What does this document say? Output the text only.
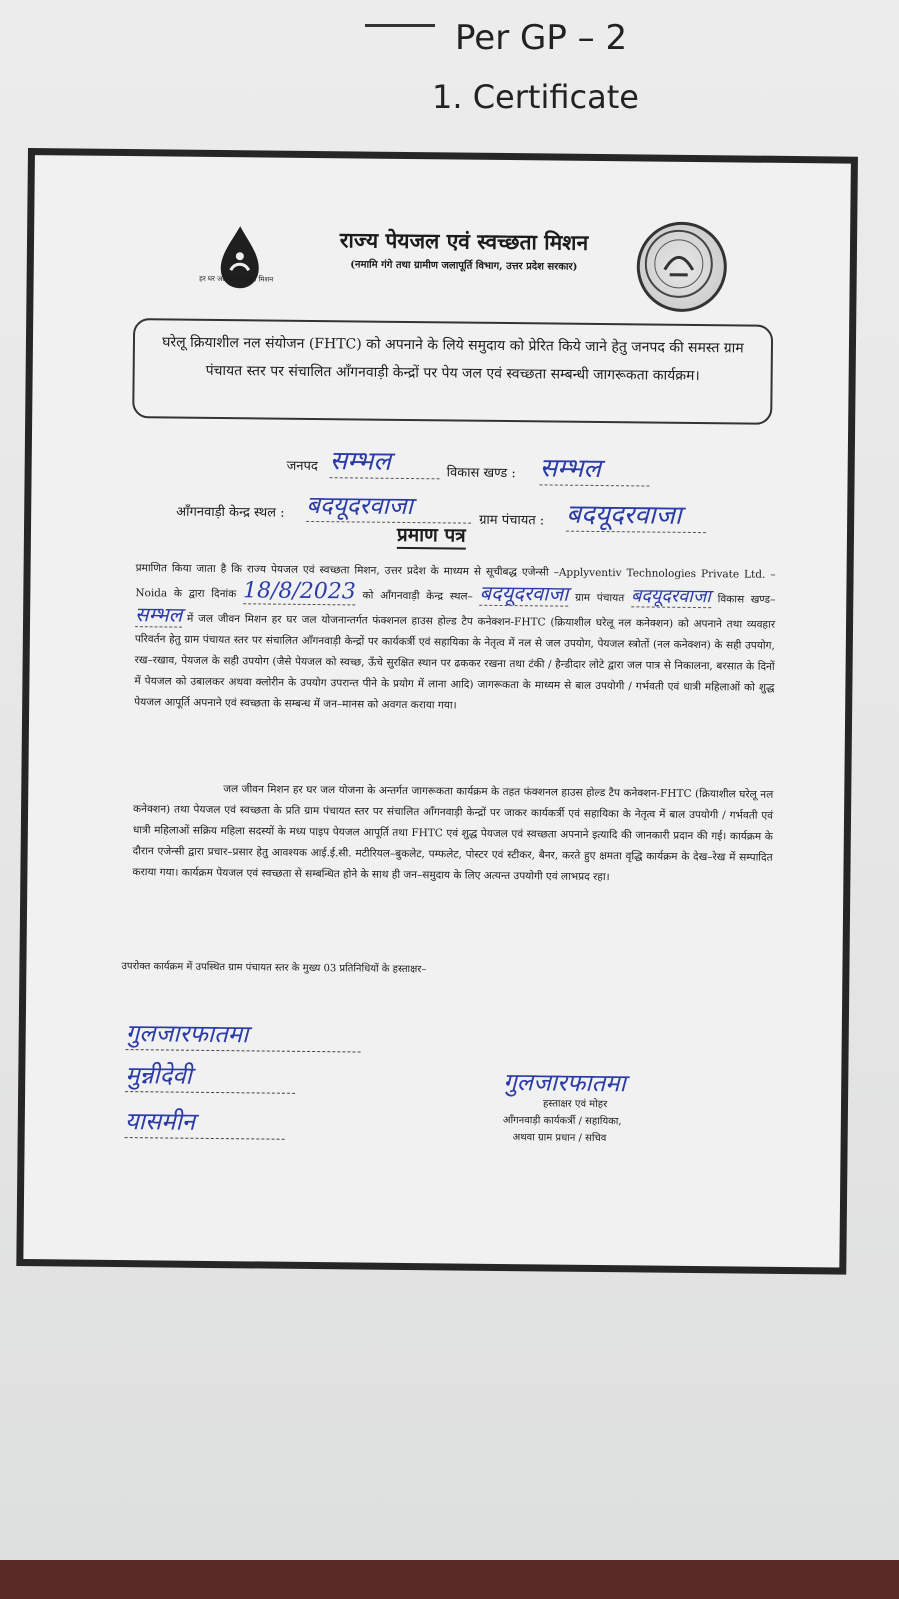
Per GP – 2
1. Certificate
हर घर जल जल जीवन मिशन
राज्य पेयजल एवं स्वच्छता मिशन
(नमामि गंगे तथा ग्रामीण जलापूर्ति विभाग, उत्तर प्रदेश सरकार)
घरेलू क्रियाशील नल संयोजन (FHTC) को अपनाने के लिये समुदाय को प्रेरित किये जाने हेतु जनपद की समस्त ग्राम पंचायत स्तर पर संचालित आँगनवाड़ी केन्द्रों पर पेय जल एवं स्वच्छता सम्बन्धी जागरूकता कार्यक्रम।
जनपद सम्भल	विकास खण्ड : सम्भल
आँगनवाड़ी केन्द्र स्थल : बदयूदरवाजा
ग्राम पंचायत : बदयूदरवाजा
प्रमाण पत्र
प्रमाणित किया जाता है कि राज्य पेयजल एवं स्वच्छता मिशन, उत्तर प्रदेश के माध्यम से सूचीबद्ध एजेन्सी –Applyventiv Technologies Private Ltd. – Noida के द्वारा दिनांक 18/8/2023 को आँगनवाड़ी केन्द्र स्थल– बदयूदरवाजा ग्राम पंचायत बदयूदरवाजा विकास खण्ड– सम्भल में जल जीवन मिशन हर घर जल योजनान्तर्गत फंक्शनल हाउस होल्ड टैप कनेक्शन-FHTC (क्रियाशील घरेलू नल कनेक्शन) को अपनाने तथा व्यवहार परिवर्तन हेतु ग्राम पंचायत स्तर पर संचालित आँगनवाड़ी केन्द्रों पर कार्यकर्त्री एवं सहायिका के नेतृत्व में नल से जल उपयोग, पेयजल स्त्रोतों (नल कनेक्शन) के सही उपयोग, रख–रखाव, पेयजल के सही उपयोग (जैसे पेयजल को स्वच्छ, ऊँचे सुरक्षित स्थान पर ढककर रखना तथा टंकी / हैन्डीदार लोटे द्वारा जल पात्र से निकालना, बरसात के दिनों में पेयजल को उबालकर अथवा क्लोरीन के उपयोग उपरान्त पीने के प्रयोग में लाना आदि) जागरूकता के माध्यम से बाल उपयोगी / गर्भवती एवं धात्री महिलाओं को शुद्ध पेयजल आपूर्ति अपनाने एवं स्वच्छता के सम्बन्ध में जन–मानस को अवगत कराया गया।
जल जीवन मिशन हर घर जल योजना के अन्तर्गत जागरूकता कार्यक्रम के तहत फंक्शनल हाउस होल्ड टैप कनेक्शन-FHTC (क्रियाशील घरेलू नल कनेक्शन) तथा पेयजल एवं स्वच्छता के प्रति ग्राम पंचायत स्तर पर संचालित आँगनवाड़ी केन्द्रों पर जाकर कार्यकर्त्री एवं सहायिका के नेतृत्व में बाल उपयोगी / गर्भवती एवं धात्री महिलाओं सक्रिय महिला सदस्यों के मध्य पाइप पेयजल आपूर्ति तथा FHTC एवं शुद्ध पेयजल एवं स्वच्छता अपनाने इत्यादि की जानकारी प्रदान की गई। कार्यक्रम के दौरान एजेन्सी द्वारा प्रचार–प्रसार हेतु आवश्यक आई.ई.सी. मटीरियल–बुकलेट, पम्फलेट, पोस्टर एवं स्टीकर, बैनर, करते हुए क्षमता वृद्धि कार्यक्रम के देख–रेख में सम्पादित कराया गया। कार्यक्रम पेयजल एवं स्वच्छता से सम्बन्धित होने के साथ ही जन–समुदाय के लिए अत्यन्त उपयोगी एवं लाभप्रद रहा।
उपरोक्त कार्यक्रम में उपस्थित ग्राम पंचायत स्तर के मुख्य 03 प्रतिनिधियों के हस्ताक्षर–
गुलजारफातमा
मुन्नीदेवी
यासमीन
गुलजारफातमा
हस्ताक्षर एवं मोहर
आँगनवाड़ी कार्यकर्त्री / सहायिका,
अथवा ग्राम प्रधान / सचिव
